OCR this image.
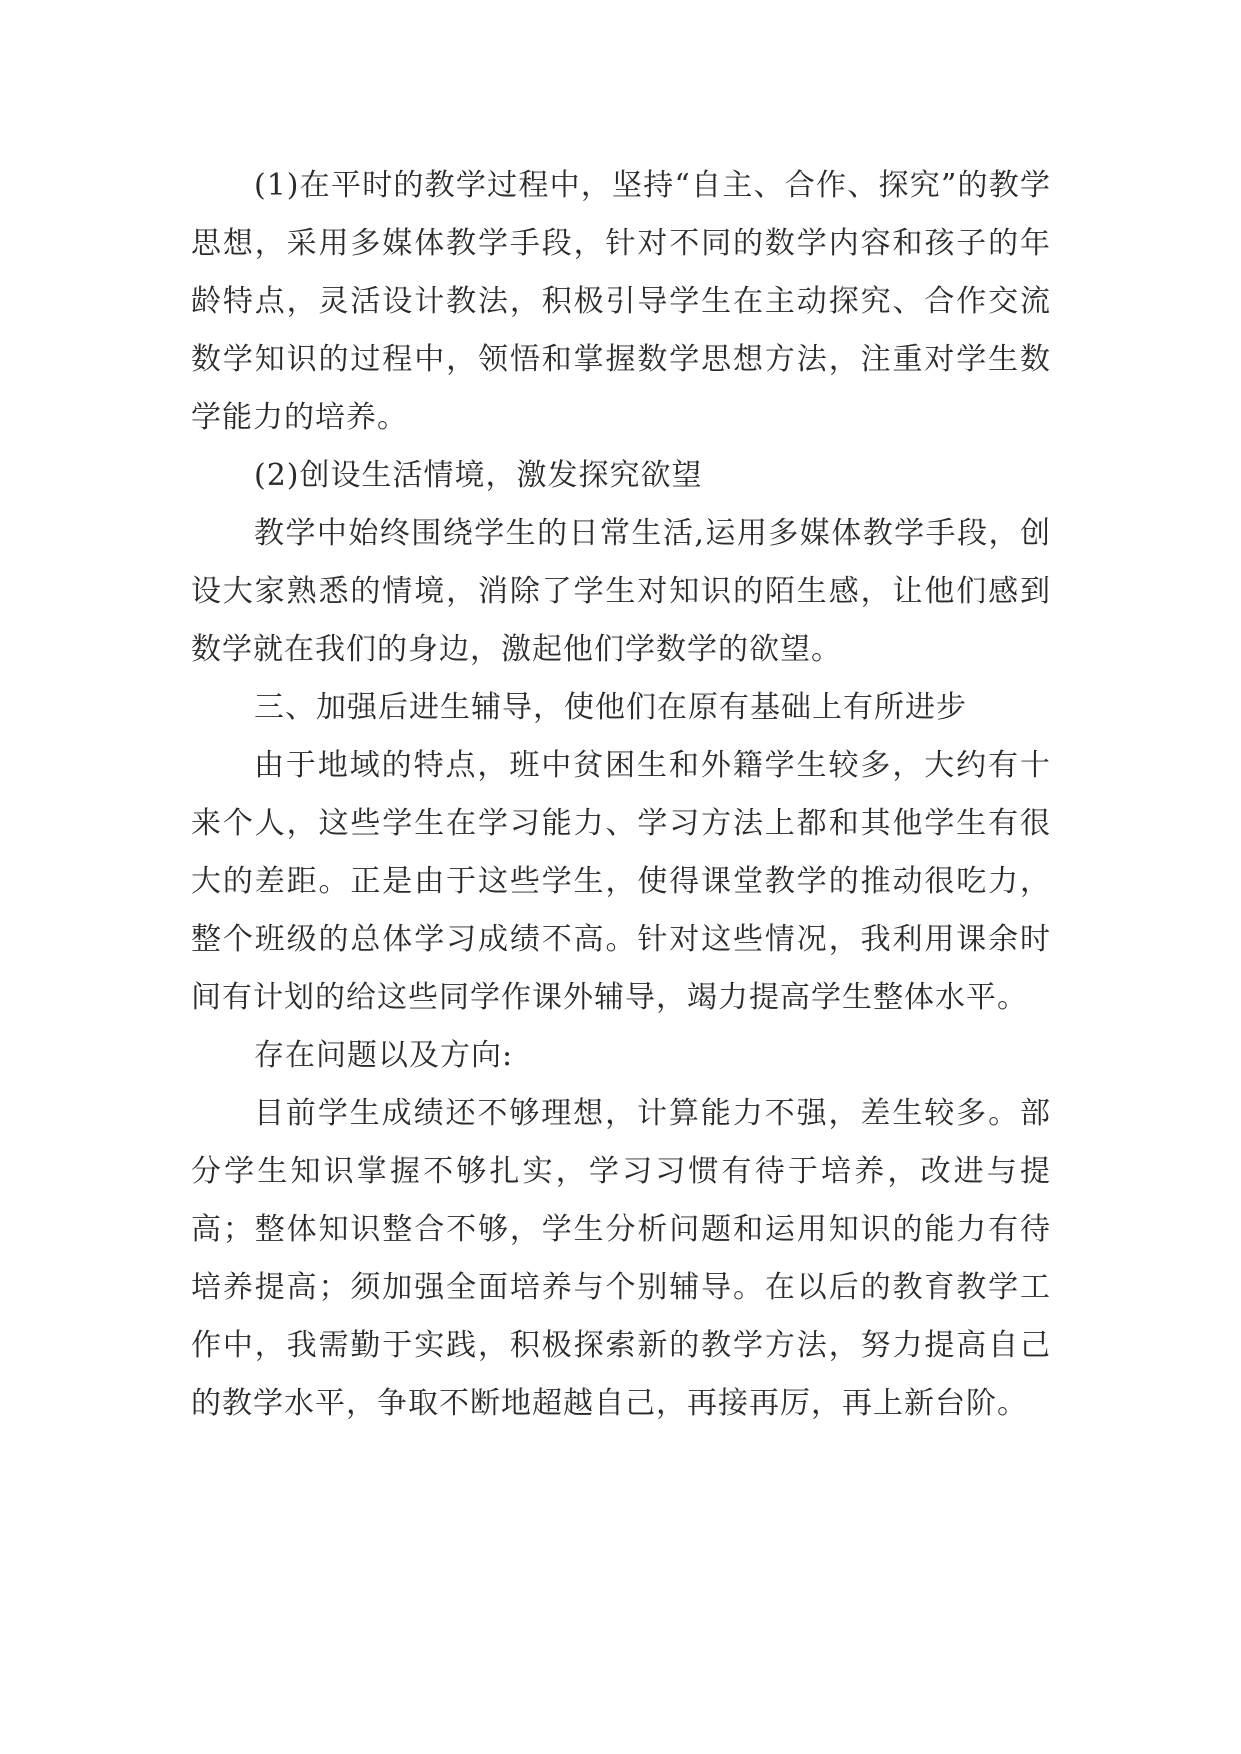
(1)在平时的教学过程中，坚持“自主、合作、探究”的教学思想，采用多媒体教学手段，针对不同的数学内容和孩子的年龄特点，灵活设计教法，积极引导学生在主动探究、合作交流数学知识的过程中，领悟和掌握数学思想方法，注重对学生数学能力的培养。

(2)创设生活情境，激发探究欲望

教学中始终围绕学生的日常生活,运用多媒体教学手段，创设大家熟悉的情境，消除了学生对知识的陌生感，让他们感到数学就在我们的身边，激起他们学数学的欲望。

三、加强后进生辅导，使他们在原有基础上有所进步

由于地域的特点，班中贫困生和外籍学生较多，大约有十来个人，这些学生在学习能力、学习方法上都和其他学生有很大的差距。正是由于这些学生，使得课堂教学的推动很吃力，整个班级的总体学习成绩不高。针对这些情况，我利用课余时间有计划的给这些同学作课外辅导，竭力提高学生整体水平。

存在问题以及方向:

目前学生成绩还不够理想，计算能力不强，差生较多。部分学生知识掌握不够扎实，学习习惯有待于培养，改进与提高；整体知识整合不够，学生分析问题和运用知识的能力有待培养提高；须加强全面培养与个别辅导。在以后的教育教学工作中，我需勤于实践，积极探索新的教学方法，努力提高自己的教学水平，争取不断地超越自己，再接再厉，再上新台阶。
